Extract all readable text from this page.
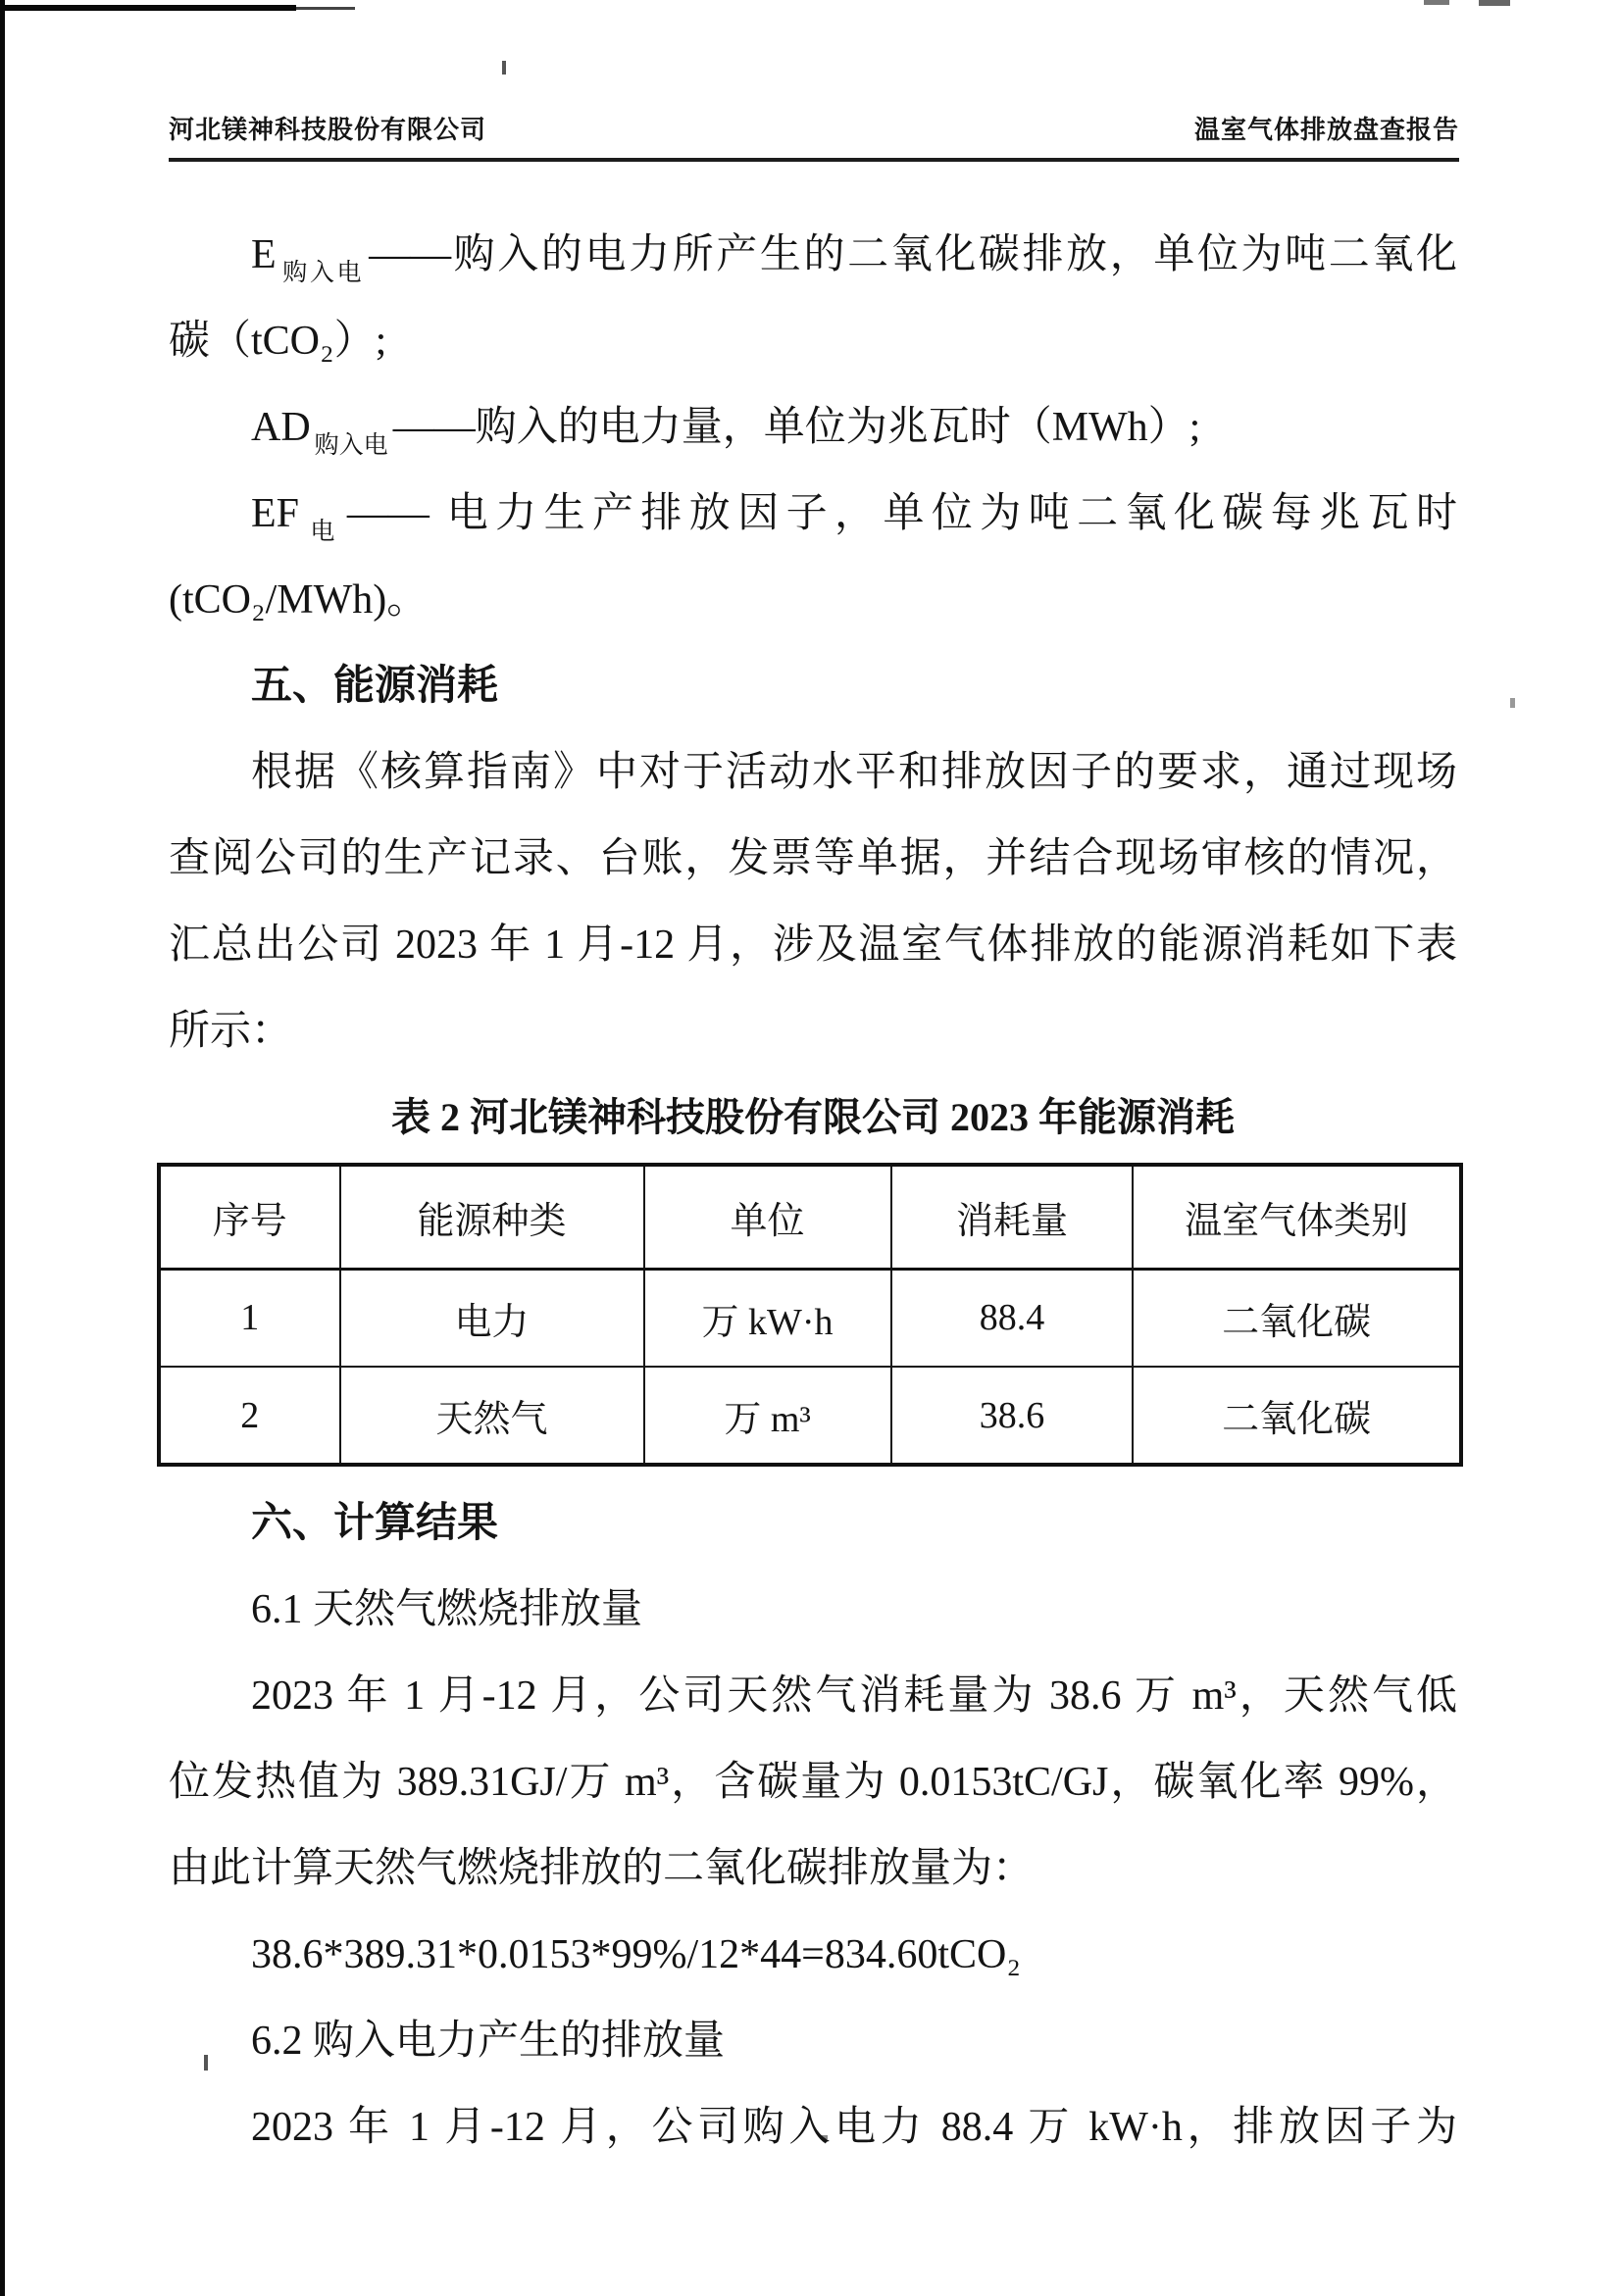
河北镁神科技股份有限公司	温室气体排放盘查报告
E $_{购入电}$ ——购入的电力所产生的二氧化碳排放，单位为吨二氧化
碳（tCO₂）;
AD $_{购入电}$ ——购入的电力量，单位为兆瓦时（MWh）;
EF $_电$ —— 电力生产排放因子，单位为吨二氧化碳每兆瓦时
(tCO₂/MWh)。
五、能源消耗
根据《核算指南》中对于活动水平和排放因子的要求，通过现场
查阅公司的生产记录、台账，发票等单据，并结合现场审核的情况，
汇总出公司 2023 年 1 月-12 月，涉及温室气体排放的能源消耗如下表
所示：
表 2 河北镁神科技股份有限公司 2023 年能源消耗
序号	能源种类	单位	消耗量	温室气体类别
1	电力	万 kW·h	88.4	二氧化碳
2	天然气	万 m³	38.6	二氧化碳
六、计算结果
6.1 天然气燃烧排放量
2023 年 1 月-12 月，公司天然气消耗量为 38.6 万 m³，天然气低
位发热值为 389.31GJ/万 m³，含碳量为 0.0153tC/GJ，碳氧化率 99%，
由此计算天然气燃烧排放的二氧化碳排放量为：
38.6*389.31*0.0153*99%/12*44=834.60tCO₂
6.2 购入电力产生的排放量
2023 年 1 月-12 月，公司购入电力 88.4 万 kW·h，排放因子为
